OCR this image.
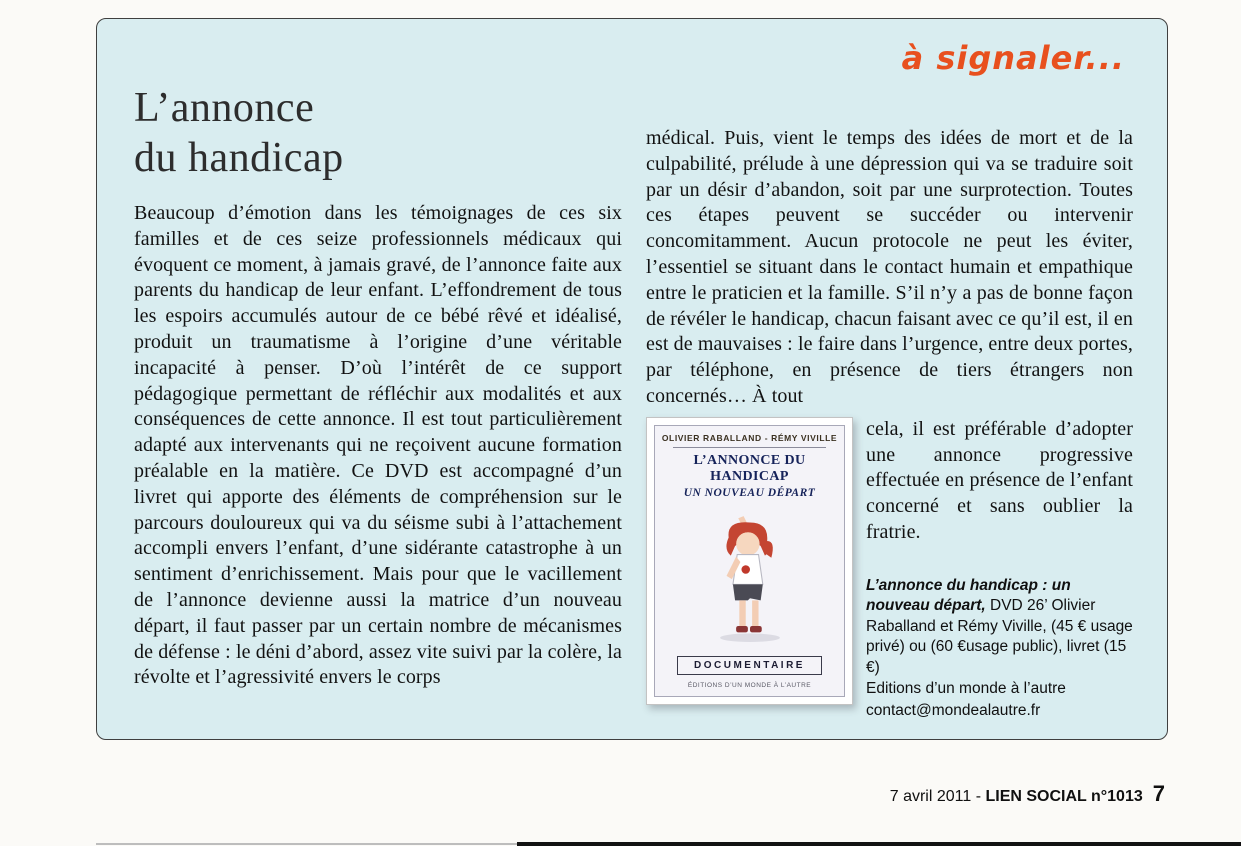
à signaler...
L’annonce
du handicap

Beaucoup d’émotion dans les témoignages de ces six familles et de ces seize professionnels médicaux qui évoquent ce moment, à jamais gravé, de l’annonce faite aux parents du handicap de leur enfant. L’effondrement de tous les espoirs accumulés autour de ce bébé rêvé et idéalisé, produit un traumatisme à l’origine d’une véritable incapacité à penser. D’où l’intérêt de ce support pédagogique permettant de réfléchir aux modalités et aux conséquences de cette annonce. Il est tout particulièrement adapté aux intervenants qui ne reçoivent aucune formation préalable en la matière. Ce DVD est accompagné d’un livret qui apporte des éléments de compréhension sur le parcours douloureux qui va du séisme subi à l’attachement accompli envers l’enfant, d’une sidérante catastrophe à un sentiment d’enrichissement. Mais pour que le vacillement de l’annonce devienne aussi la matrice d’un nouveau départ, il faut passer par un certain nombre de mécanismes de défense : le déni d’abord, assez vite suivi par la colère, la révolte et l’agressivité envers le corps

médical. Puis, vient le temps des idées de mort et de la culpabilité, prélude à une dépression qui va se traduire soit par un désir d’abandon, soit par une surprotection. Toutes ces étapes peuvent se succéder ou intervenir concomitamment. Aucun protocole ne peut les éviter, l’essentiel se situant dans le contact humain et empathique entre le praticien et la famille. S’il n’y a pas de bonne façon de révéler le handicap, chacun faisant avec ce qu’il est, il en est de mauvaises : le faire dans l’urgence, entre deux portes, par téléphone, en présence de tiers étrangers non concernés… À tout

OLIVIER RABALLAND - RÉMY VIVILLE
L’ANNONCE DU HANDICAP
UN NOUVEAU DÉPART
DOCUMENTAIRE
ÉDITIONS D’UN MONDE À L’AUTRE

cela, il est préférable d’adopter une annonce progressive effectuée en présence de l’enfant concerné et sans oublier la fratrie.

L’annonce du handicap : un nouveau départ, DVD 26’ Olivier Raballand et Rémy Viville, (45 € usage privé) ou (60 €usage public), livret (15 €)

Editions d’un monde à l’autre
contact@mondealautre.fr
7 avril 2011 - LIEN SOCIAL n°1013 7
